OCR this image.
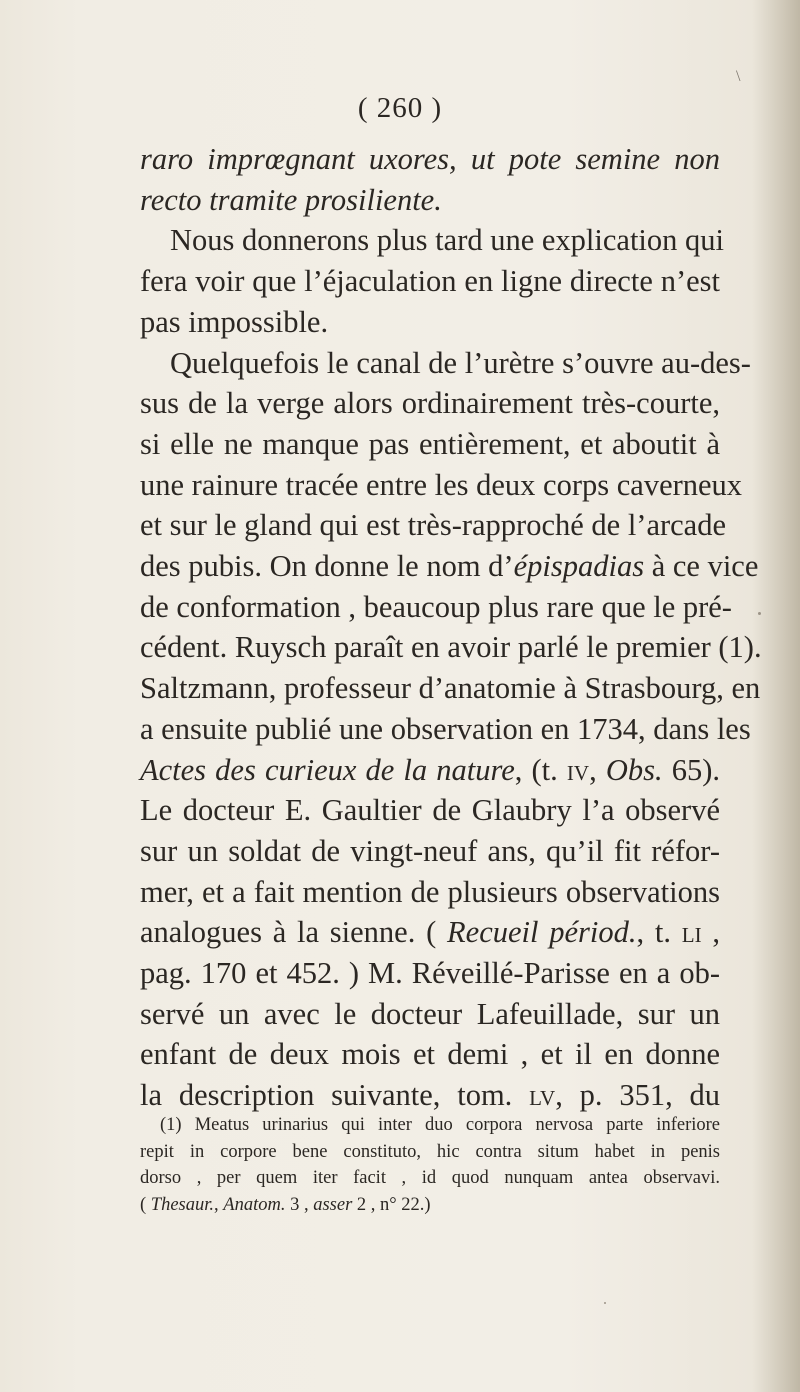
\
( 260 )
raro imprœgnant uxores, ut pote semine non
recto tramite prosiliente.
Nous donnerons plus tard une explication qui
fera voir que l’éjaculation en ligne directe n’est
pas impossible.
Quelquefois le canal de l’urètre s’ouvre au-des-
sus de la verge alors ordinairement très-courte,
si elle ne manque pas entièrement, et aboutit à
une rainure tracée entre les deux corps caverneux
et sur le gland qui est très-rapproché de l’arcade
des pubis. On donne le nom d’épispadias à ce vice
de conformation , beaucoup plus rare que le pré-
cédent. Ruysch paraît en avoir parlé le premier (1).
Saltzmann, professeur d’anatomie à Strasbourg, en
a ensuite publié une observation en 1734, dans les
Actes des curieux de la nature, (t. iv, Obs. 65).
Le docteur E. Gaultier de Glaubry l’a observé
sur un soldat de vingt-neuf ans, qu’il fit réfor-
mer, et a fait mention de plusieurs observations
analogues à la sienne. ( Recueil périod., t. li ,
pag. 170 et 452. ) M. Réveillé-Parisse en a ob-
servé un avec le docteur Lafeuillade, sur un
enfant de deux mois et demi , et il en donne
la description suivante, tom. lv, p. 351, du
(1) Meatus urinarius qui inter duo corpora nervosa parte inferiore
repit in corpore bene constituto, hic contra situm habet in penis
dorso , per quem iter facit , id quod nunquam antea observavi.
( Thesaur., Anatom. 3 , asser 2 , n° 22.)
